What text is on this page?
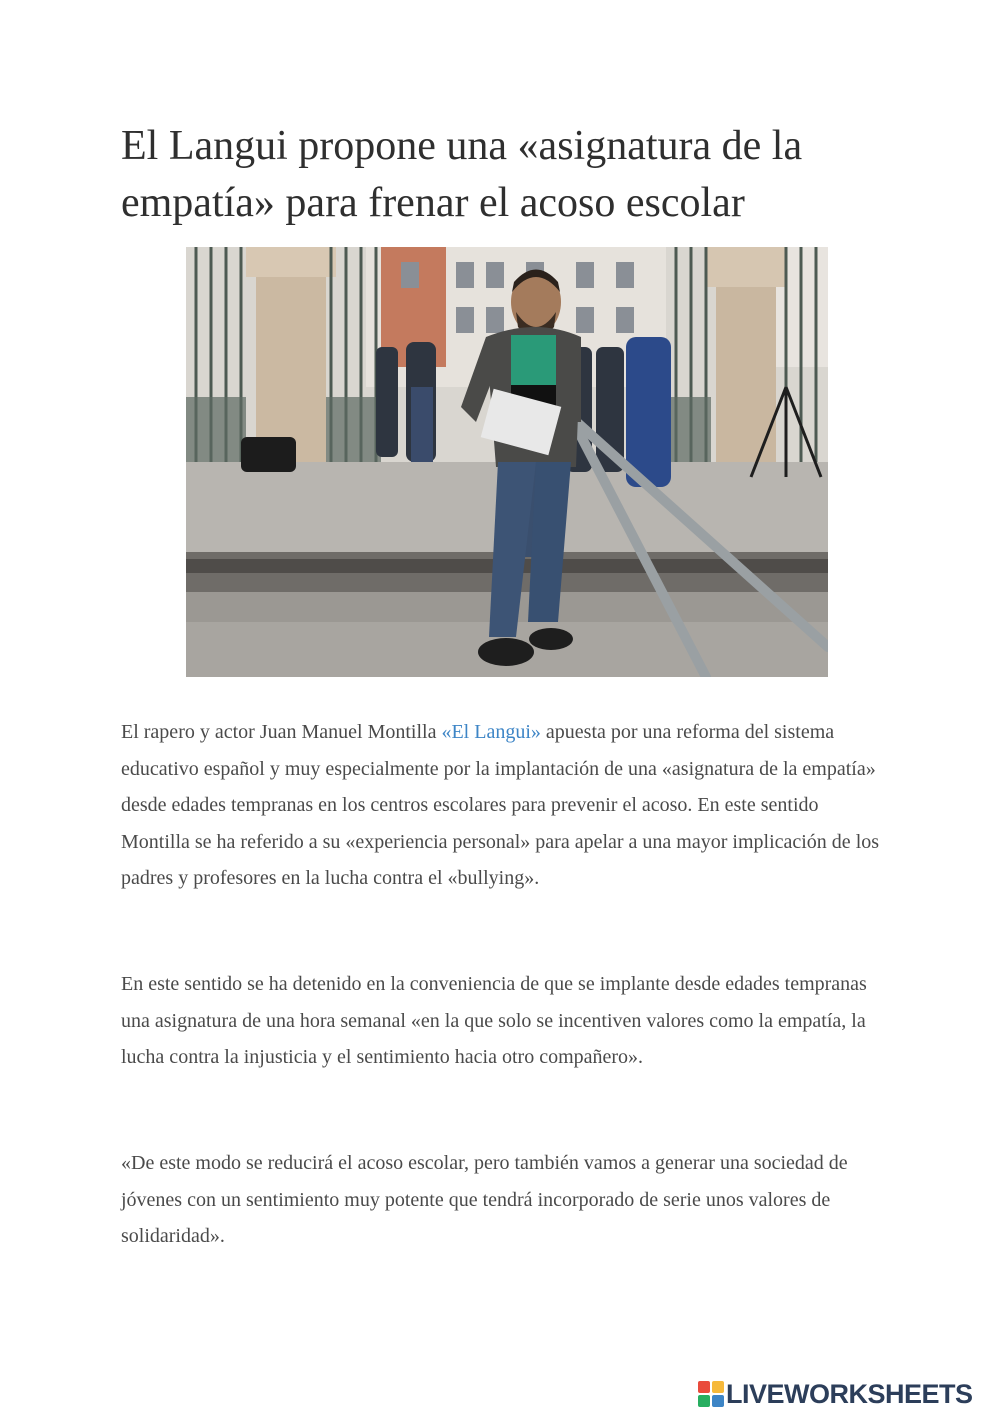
El Langui propone una «asignatura de la empatía» para frenar el acoso escolar

El rapero y actor Juan Manuel Montilla «El Langui» apuesta por una reforma del sistema educativo español y muy especialmente por la implantación de una «asignatura de la empatía» desde edades tempranas en los centros escolares para prevenir el acoso. En este sentido Montilla se ha referido a su «experiencia personal» para apelar a una mayor implicación de los padres y profesores en la lucha contra el «bullying».

En este sentido se ha detenido en la conveniencia de que se implante desde edades tempranas una asignatura de una hora semanal «en la que solo se incentiven valores como la empatía, la lucha contra la injusticia y el sentimiento hacia otro compañero».

«De este modo se reducirá el acoso escolar, pero también vamos a generar una sociedad de jóvenes con un sentimiento muy potente que tendrá incorporado de serie unos valores de solidaridad».

LIVEWORKSHEETS
